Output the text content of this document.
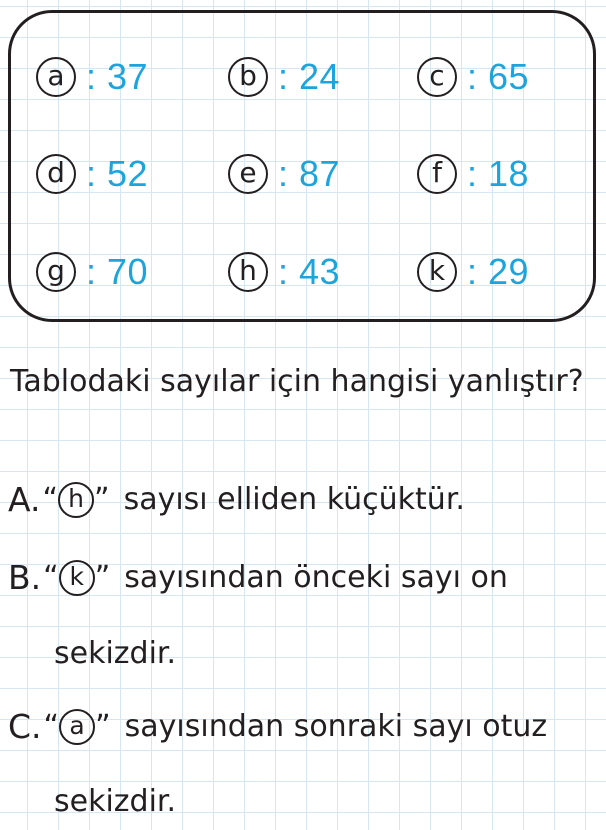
a : 37	b : 24	c : 65
d : 52	e : 87	f : 18
g : 70	h : 43	k : 29
Tablodaki sayılar için hangisi yanlıştır?
A. “ h ” sayısı elliden küçüktür.
B. “ k ” sayısından önceki sayı on
sekizdir.
C. “ a ” sayısından sonraki sayı otuz
sekizdir.
